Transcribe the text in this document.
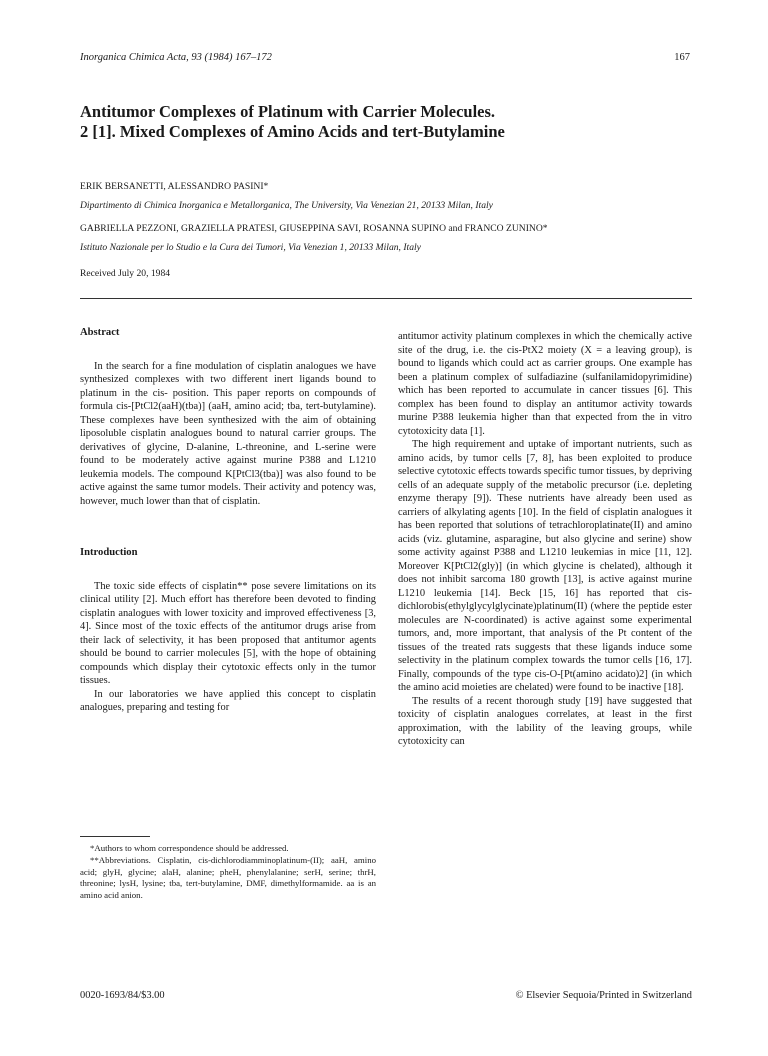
Inorganica Chimica Acta, 93 (1984) 167–172	167
Antitumor Complexes of Platinum with Carrier Molecules.
2 [1]. Mixed Complexes of Amino Acids and tert-Butylamine
ERIK BERSANETTI, ALESSANDRO PASINI*
Dipartimento di Chimica Inorganica e Metallorganica, The University, Via Venezian 21, 20133 Milan, Italy
GABRIELLA PEZZONI, GRAZIELLA PRATESI, GIUSEPPINA SAVI, ROSANNA SUPINO and FRANCO ZUNINO*
Istituto Nazionale per lo Studio e la Cura dei Tumori, Via Venezian 1, 20133 Milan, Italy
Received July 20, 1984
Abstract

In the search for a fine modulation of cisplatin analogues we have synthesized complexes with two different inert ligands bound to platinum in the cis- position. This paper reports on compounds of formula cis-[PtCl2(aaH)(tba)] (aaH, amino acid; tba, tert-butylamine). These complexes have been synthesized with the aim of obtaining liposoluble cisplatin analogues bound to natural carrier groups. The derivatives of glycine, D-alanine, L-threonine, and L-serine were found to be moderately active against murine P388 and L1210 leukemia models. The compound K[PtCl3(tba)] was also found to be active against the same tumor models. Their activity and potency was, however, much lower than that of cisplatin.

Introduction

The toxic side effects of cisplatin** pose severe limitations on its clinical utility [2]. Much effort has therefore been devoted to finding cisplatin analogues with lower toxicity and improved effectiveness [3, 4]. Since most of the toxic effects of the antitumor drugs arise from their lack of selectivity, it has been proposed that antitumor agents should be bound to carrier molecules [5], with the hope of obtaining compounds which display their cytotoxic effects only in the tumor tissues.

In our laboratories we have applied this concept to cisplatin analogues, preparing and testing for

*Authors to whom correspondence should be addressed.

**Abbreviations. Cisplatin, cis-dichlorodiamminoplatinum-(II); aaH, amino acid; glyH, glycine; alaH, alanine; pheH, phenylalanine; serH, serine; thrH, threonine; lysH, lysine; tba, tert-butylamine, DMF, dimethylformamide. aa is an amino acid anion.

antitumor activity platinum complexes in which the chemically active site of the drug, i.e. the cis-PtX2 moiety (X = a leaving group), is bound to ligands which could act as carrier groups. One example has been a platinum complex of sulfadiazine (sulfanilamidopyrimidine) which has been reported to accumulate in cancer tissues [6]. This complex has been found to display an antitumor activity towards murine P388 leukemia higher than that expected from the in vitro cytotoxicity data [1].

The high requirement and uptake of important nutrients, such as amino acids, by tumor cells [7, 8], has been exploited to produce selective cytotoxic effects towards specific tumor tissues, by depriving cells of an adequate supply of the metabolic precursor (i.e. depleting enzyme therapy [9]). These nutrients have already been used as carriers of alkylating agents [10]. In the field of cisplatin analogues it has been reported that solutions of tetrachloroplatinate(II) and amino acids (viz. glutamine, asparagine, but also glycine and serine) show some activity against P388 and L1210 leukemias in mice [11, 12]. Moreover K[PtCl2(gly)] (in which glycine is chelated), although it does not inhibit sarcoma 180 growth [13], is active against murine L1210 leukemia [14]. Beck [15, 16] has reported that cis-dichlorobis(ethylglycylglycinate)platinum(II) (where the peptide ester molecules are N-coordinated) is active against some experimental tumors, and, more important, that analysis of the Pt content of the tissues of the treated rats suggests that these ligands induce some selectivity in the platinum complex towards the tumor cells [16, 17]. Finally, compounds of the type cis-O-[Pt(amino acidato)2] (in which the amino acid moieties are chelated) were found to be inactive [18].

The results of a recent thorough study [19] have suggested that toxicity of cisplatin analogues correlates, at least in the first approximation, with the lability of the leaving groups, while cytotoxicity can

0020-1693/84/$3.00	© Elsevier Sequoia/Printed in Switzerland
